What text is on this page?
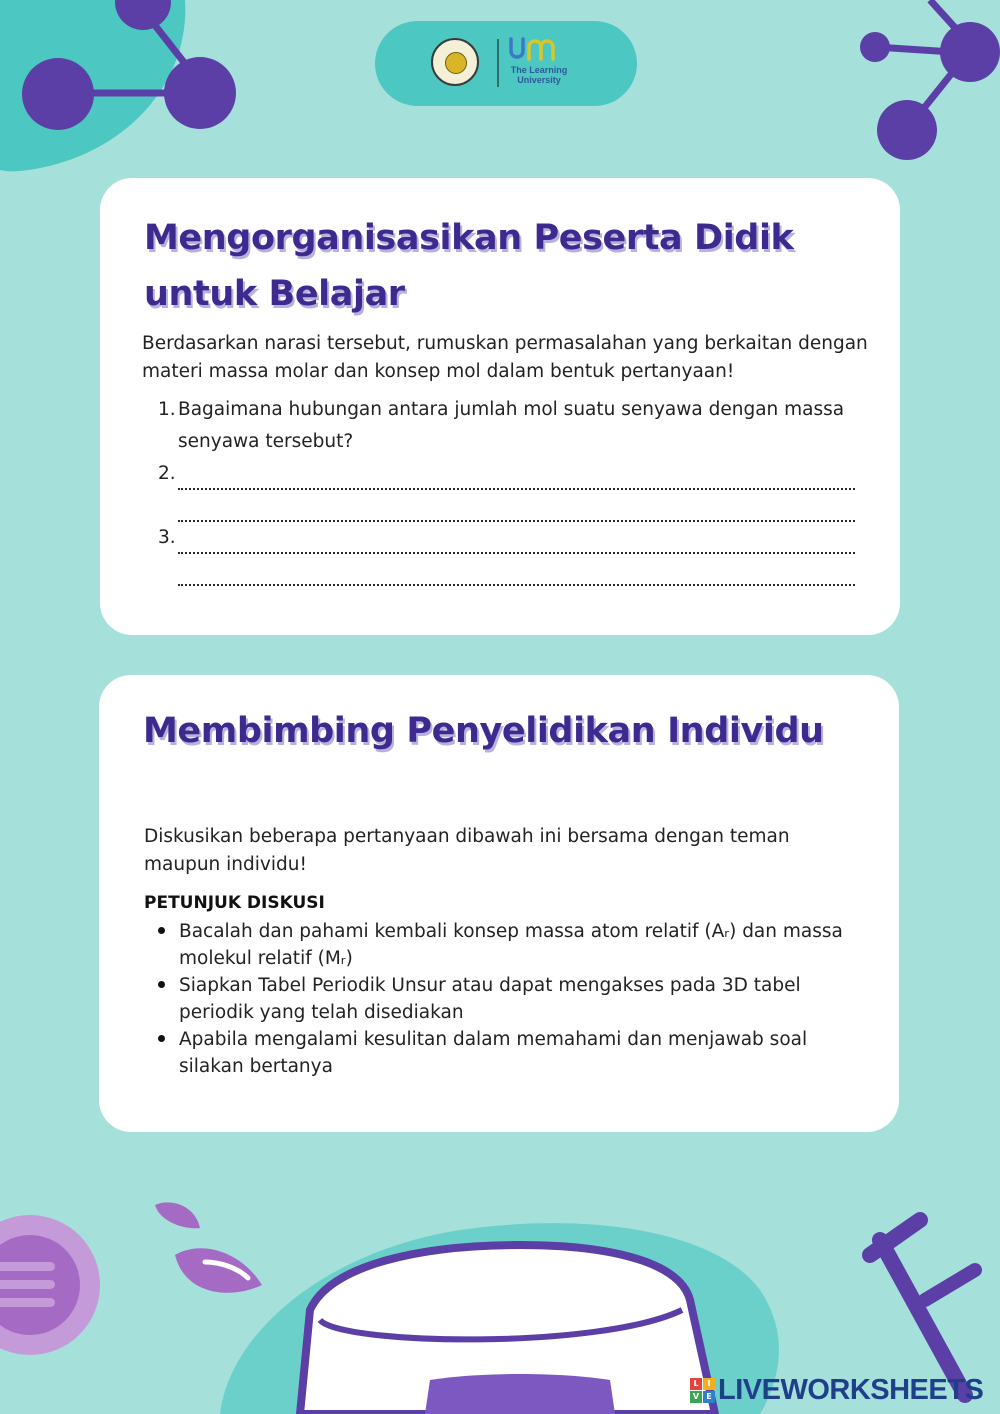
The Learning
University
Mengorganisasikan Peserta Didik untuk Belajar

Berdasarkan narasi tersebut, rumuskan permasalahan yang berkaitan dengan materi massa molar dan konsep mol dalam bentuk pertanyaan!

1. Bagaimana hubungan antara jumlah mol suatu senyawa dengan massa senyawa tersebut?
2.
3.
Membimbing Penyelidikan Individu

Diskusikan beberapa pertanyaan dibawah ini bersama dengan teman maupun individu!

PETUNJUK DISKUSI

Bacalah dan pahami kembali konsep massa atom relatif (Aᵣ) dan massa molekul relatif (Mᵣ)
Siapkan Tabel Periodik Unsur atau dapat mengakses pada 3D tabel periodik yang telah disediakan
Apabila mengalami kesulitan dalam memahami dan menjawab soal silakan bertanya
L	I
V E LIVEWORKSHEETS
